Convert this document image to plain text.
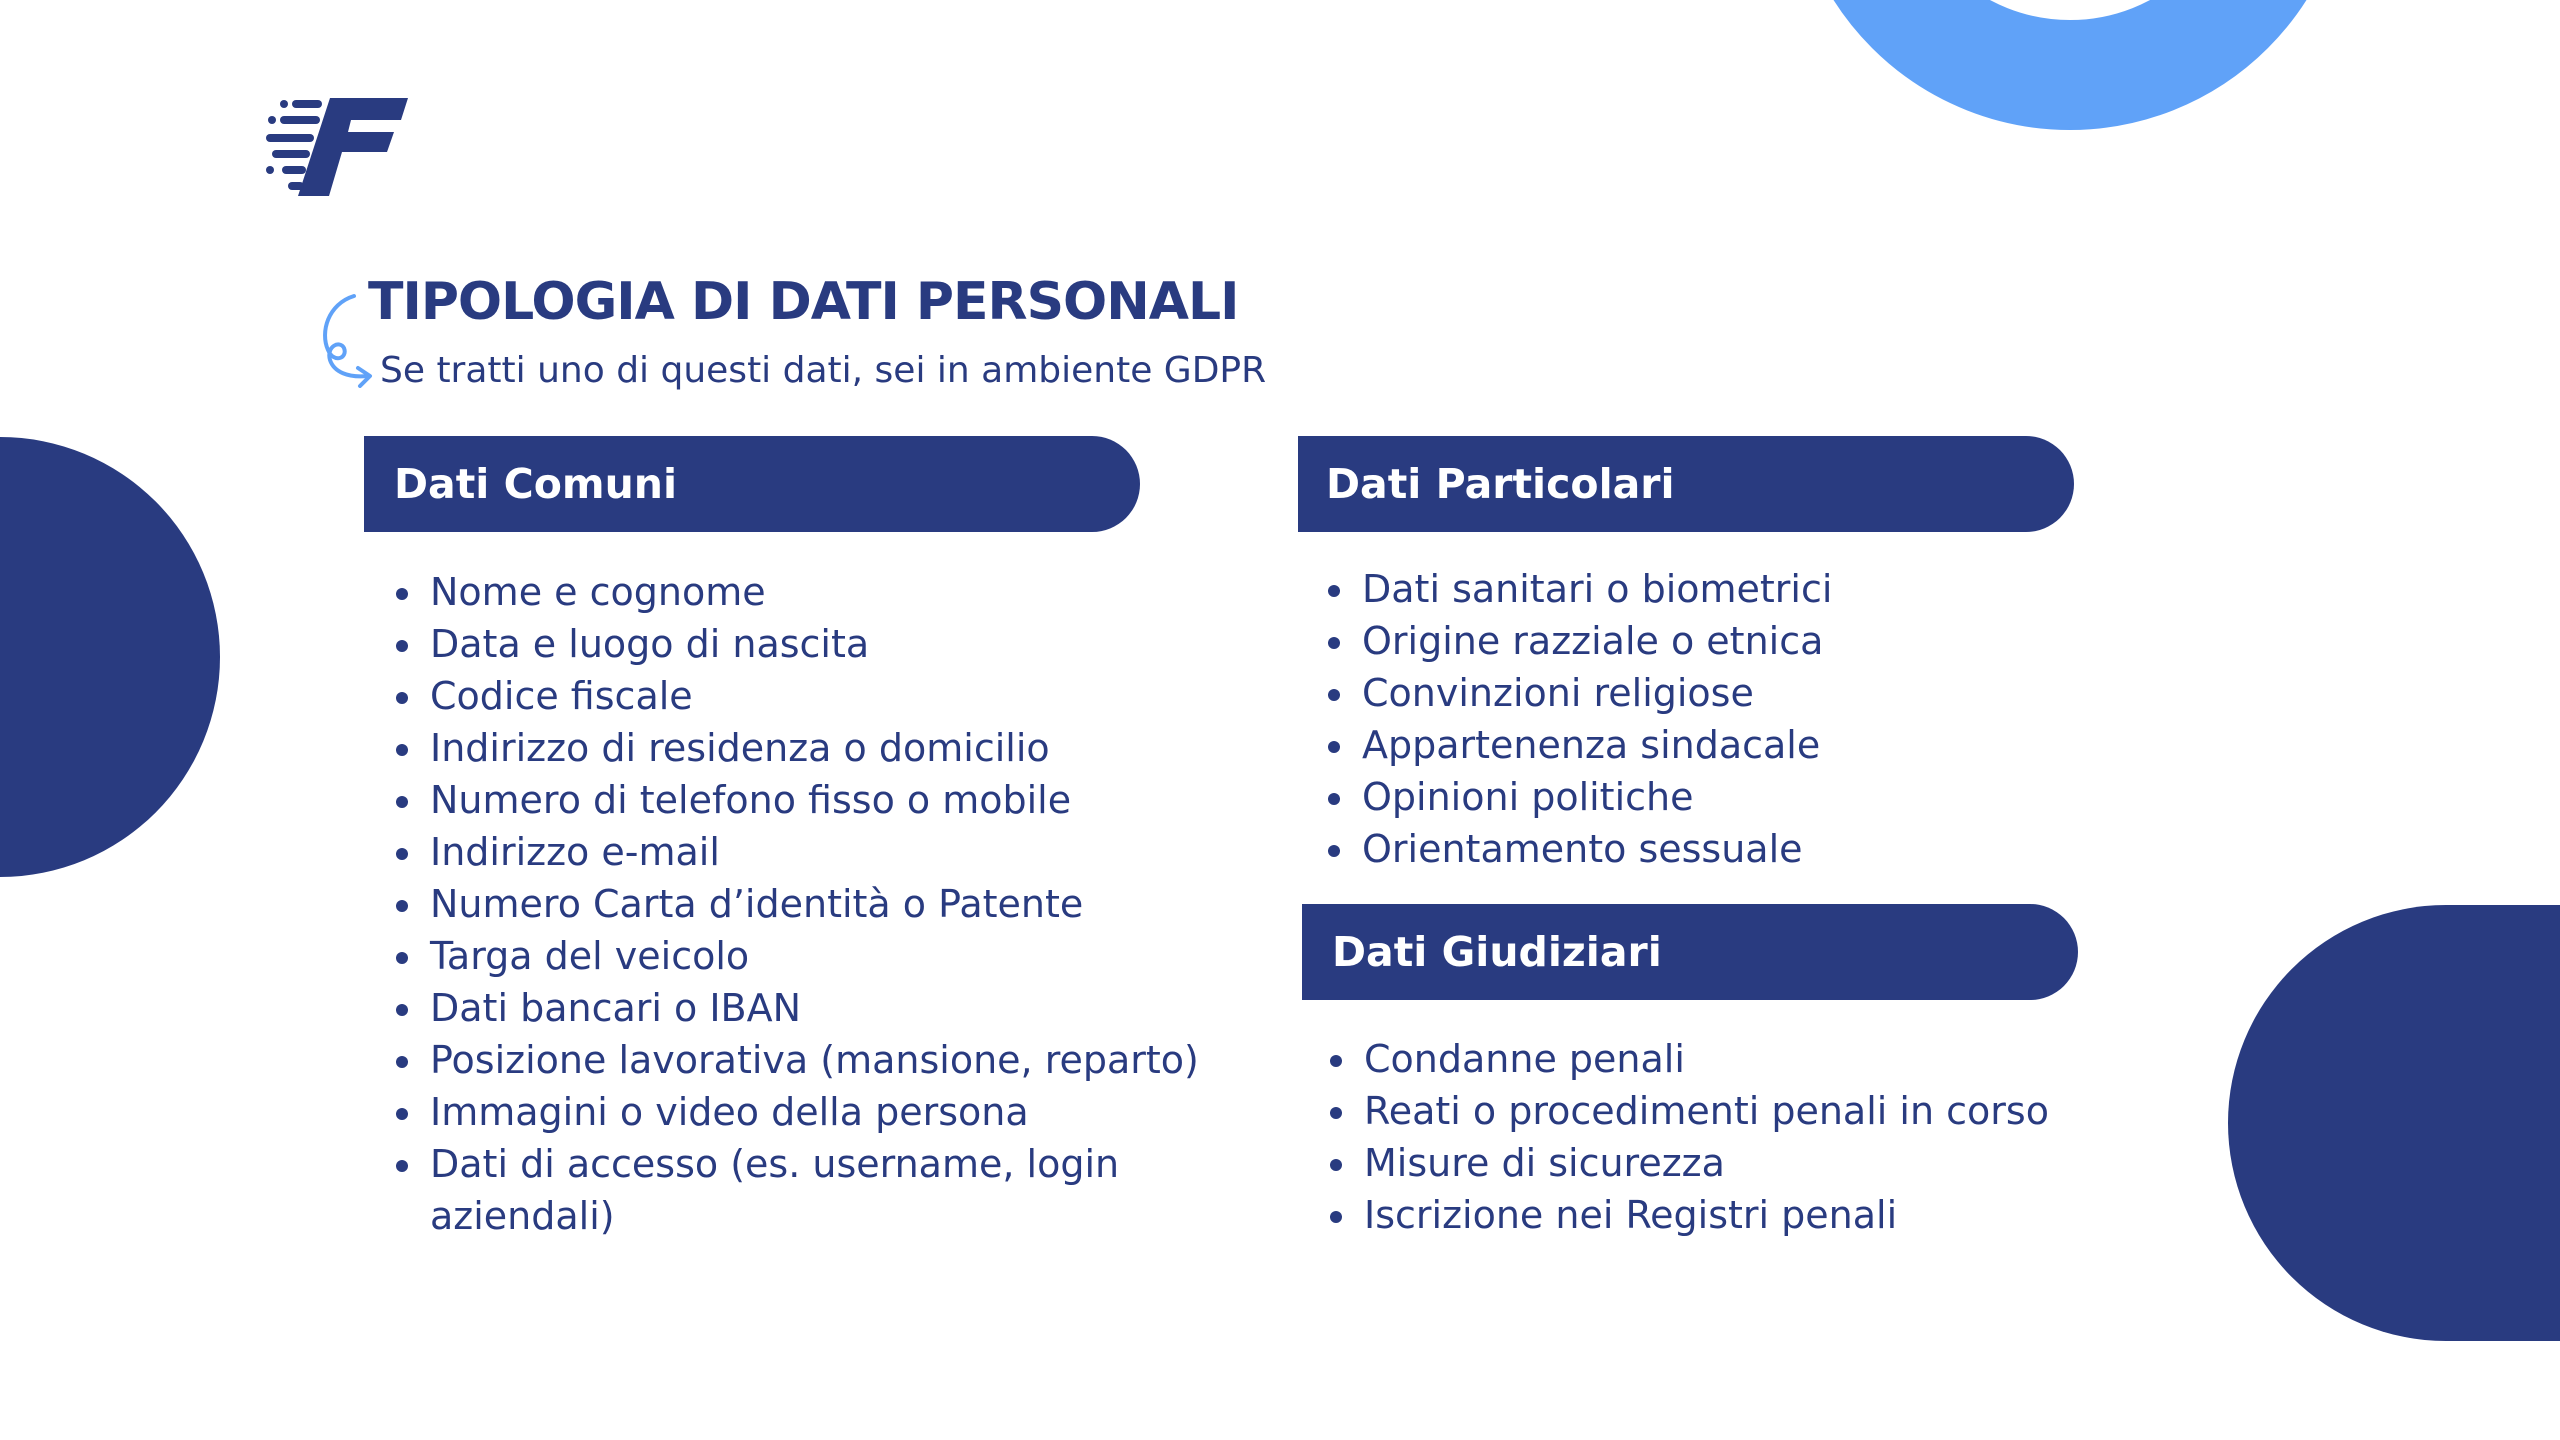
TIPOLOGIA DI DATI PERSONALI
Se tratti uno di questi dati, sei in ambiente GDPR
Dati Comuni
Nome e cognome
Data e luogo di nascita
Codice fiscale
Indirizzo di residenza o domicilio
Numero di telefono fisso o mobile
Indirizzo e-mail
Numero Carta d’identità o Patente
Targa del veicolo
Dati bancari o IBAN
Posizione lavorativa (mansione, reparto)
Immagini o video della persona
Dati di accesso (es. username, login aziendali)
Dati Particolari
Dati sanitari o biometrici
Origine razziale o etnica
Convinzioni religiose
Appartenenza sindacale
Opinioni politiche
Orientamento sessuale
Dati Giudiziari
Condanne penali
Reati o procedimenti penali in corso
Misure di sicurezza
Iscrizione nei Registri penali
